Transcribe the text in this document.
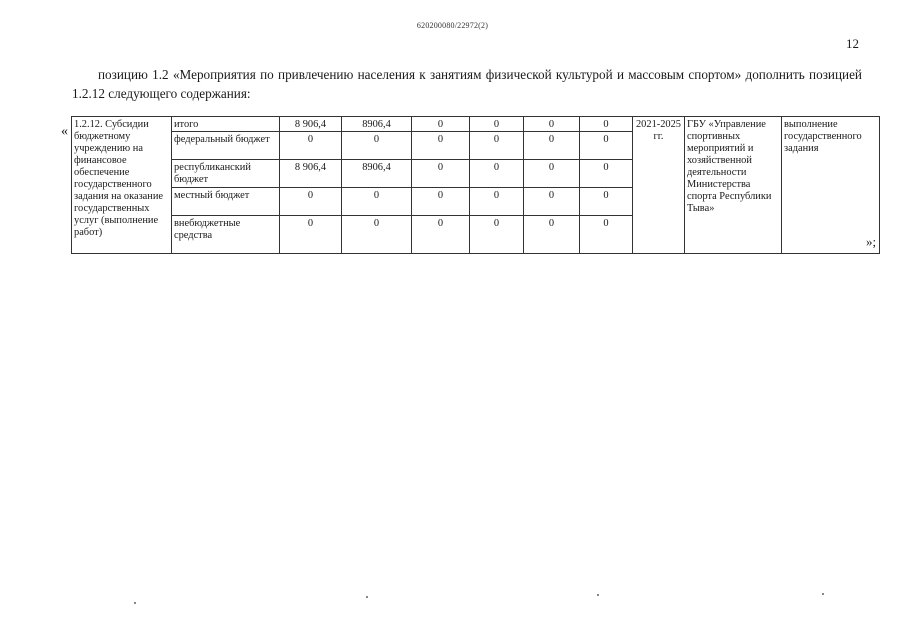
620200080/22972(2)
12
позицию 1.2 «Мероприятия по привлечению населения к занятиям физической культурой и массовым спортом» дополнить позицией 1.2.12 следующего содержания:
« 1.2.12. Субсидии бюджетному учреждению на финансовое обеспечение государственного задания на оказание государственных услуг (выполнение работ)	итого	8 906,4	8906,4	0	0	0	0	2021-2025 гг.	ГБУ «Управление спортивных мероприятий и хозяйственной деятельности Министерства спорта Республики Тыва»	выполнение государственного задания
	федеральный бюджет	0	0	0	0	0	0			
	республиканский бюджет	8 906,4	8906,4	0	0	0	0			
	местный бюджет	0	0	0	0	0	0			
	внебюджетные средства	0	0	0	0	0	0			
»;
